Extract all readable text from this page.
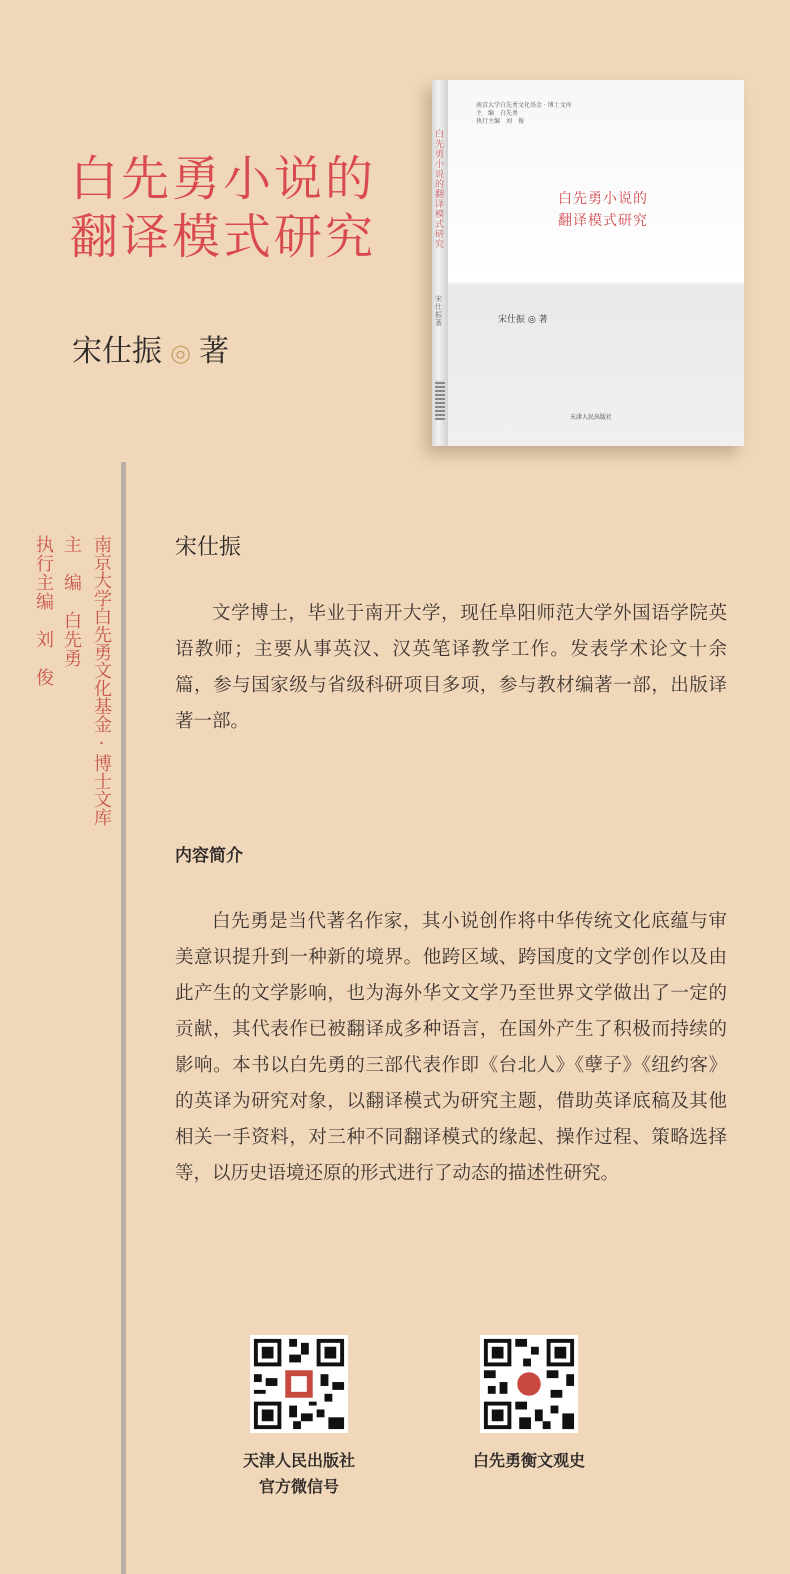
白先勇小说的
翻译模式研究
宋仕振 ◎ 著
白先勇小说的翻译模式研究
宋仕振著
南京大学白先勇文化基金 · 博士文库
主　编　白先勇
执行主编　刘　俊
白先勇小说的
翻译模式研究
宋仕振 ◎ 著
天津人民出版社
南京大学白先勇文化基金·博士文库
主　编　白先勇
执行主编　刘　俊	宋仕振
文学博士，毕业于南开大学，现任阜阳师范大学外国语学院英语教师；主要从事英汉、汉英笔译教学工作。发表学术论文十余篇，参与国家级与省级科研项目多项，参与教材编著一部，出版译著一部。
内容简介
白先勇是当代著名作家，其小说创作将中华传统文化底蕴与审美意识提升到一种新的境界。他跨区域、跨国度的文学创作以及由此产生的文学影响，也为海外华文文学乃至世界文学做出了一定的贡献，其代表作已被翻译成多种语言，在国外产生了积极而持续的影响。本书以白先勇的三部代表作即《台北人》《孽子》《纽约客》的英译为研究对象，以翻译模式为研究主题，借助英译底稿及其他相关一手资料，对三种不同翻译模式的缘起、操作过程、策略选择等，以历史语境还原的形式进行了动态的描述性研究。
天津人民出版社
官方微信号
白先勇衡文观史
